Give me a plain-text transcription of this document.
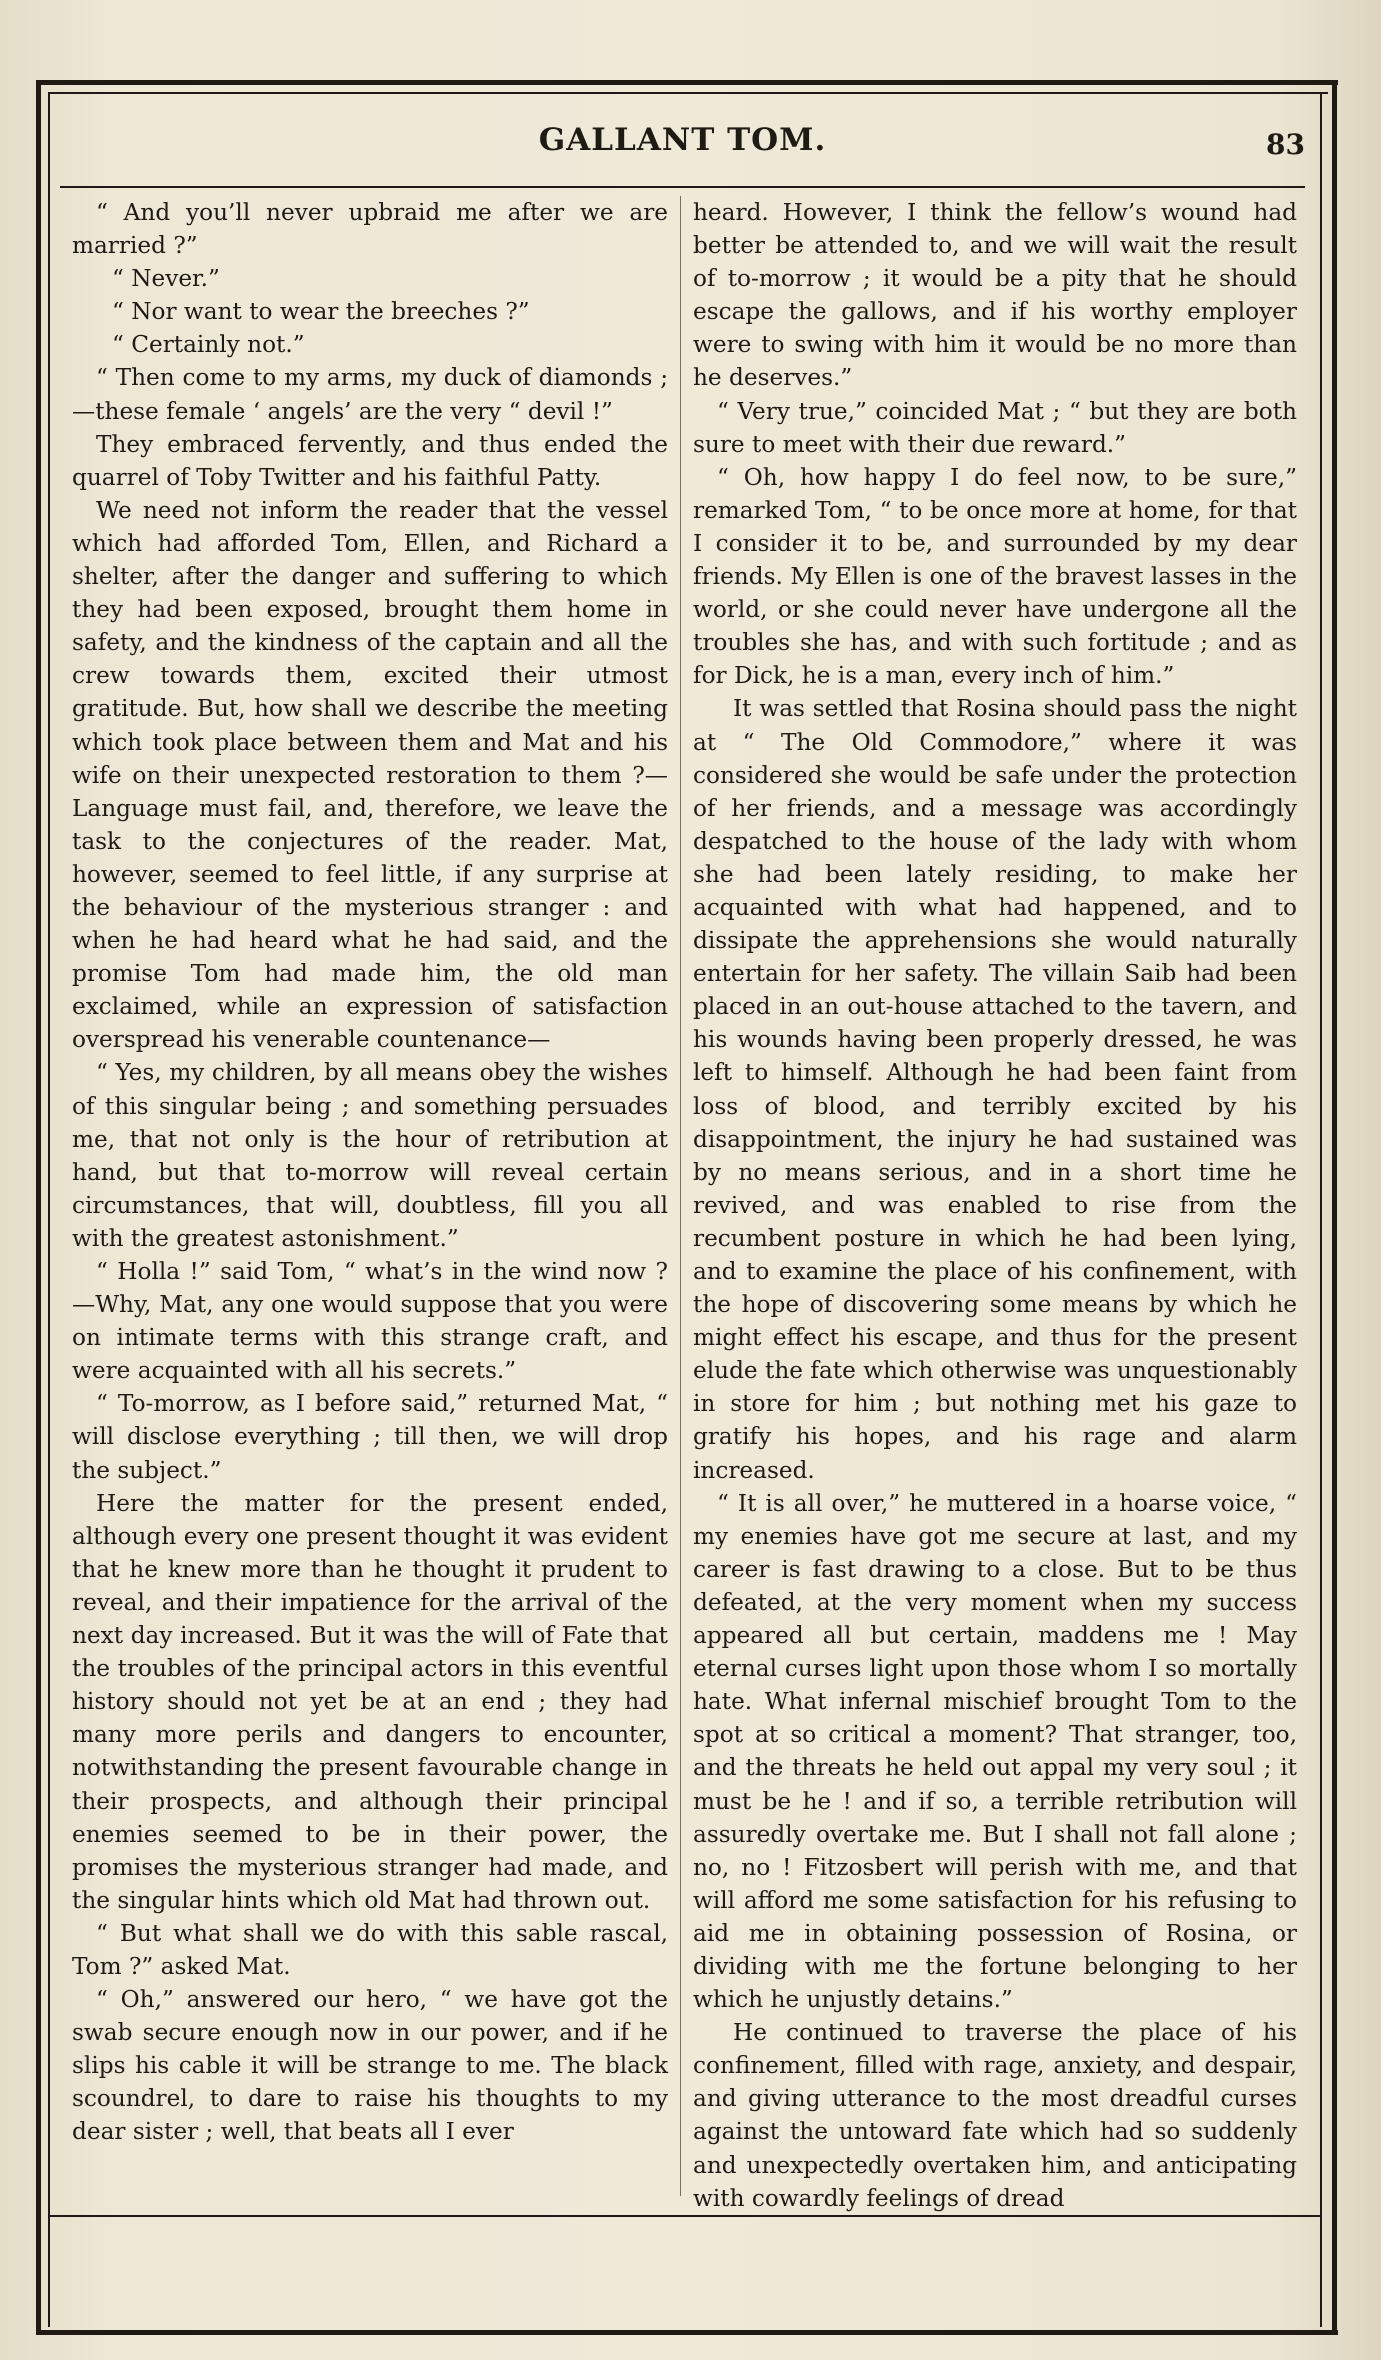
GALLANT TOM.	83

“ And you’ll never upbraid me after we are married ?”

“ Never.”

“ Nor want to wear the breeches ?”

“ Certainly not.”

“ Then come to my arms, my duck of diamonds ;—these female ‘ angels’ are the very “ devil !”

They embraced fervently, and thus ended the quarrel of Toby Twitter and his faithful Patty.

We need not inform the reader that the vessel which had afforded Tom, Ellen, and Richard a shelter, after the danger and suffering to which they had been exposed, brought them home in safety, and the kindness of the captain and all the crew towards them, excited their utmost gratitude. But, how shall we describe the meeting which took place between them and Mat and his wife on their unexpected restoration to them ?—Language must fail, and, therefore, we leave the task to the conjectures of the reader. Mat, however, seemed to feel little, if any surprise at the behaviour of the mysterious stranger : and when he had heard what he had said, and the promise Tom had made him, the old man exclaimed, while an expression of satisfaction overspread his venerable countenance—

“ Yes, my children, by all means obey the wishes of this singular being ; and something persuades me, that not only is the hour of retribution at hand, but that to-morrow will reveal certain circumstances, that will, doubtless, fill you all with the greatest astonishment.”

“ Holla !” said Tom, “ what’s in the wind now ?—Why, Mat, any one would suppose that you were on intimate terms with this strange craft, and were acquainted with all his secrets.”

“ To-morrow, as I before said,” returned Mat, “ will disclose everything ; till then, we will drop the subject.”

Here the matter for the present ended, although every one present thought it was evident that he knew more than he thought it prudent to reveal, and their impatience for the arrival of the next day increased. But it was the will of Fate that the troubles of the principal actors in this eventful history should not yet be at an end ; they had many more perils and dangers to encounter, notwithstanding the present favourable change in their prospects, and although their principal enemies seemed to be in their power, the promises the mysterious stranger had made, and the singular hints which old Mat had thrown out.

“ But what shall we do with this sable rascal, Tom ?” asked Mat.

“ Oh,” answered our hero, “ we have got the swab secure enough now in our power, and if he slips his cable it will be strange to me. The black scoundrel, to dare to raise his thoughts to my dear sister ; well, that beats all I ever

heard. However, I think the fellow’s wound had better be attended to, and we will wait the result of to-morrow ; it would be a pity that he should escape the gallows, and if his worthy employer were to swing with him it would be no more than he deserves.”

“ Very true,” coincided Mat ; “ but they are both sure to meet with their due reward.”

“ Oh, how happy I do feel now, to be sure,” remarked Tom, “ to be once more at home, for that I consider it to be, and surrounded by my dear friends. My Ellen is one of the bravest lasses in the world, or she could never have undergone all the troubles she has, and with such fortitude ; and as for Dick, he is a man, every inch of him.”

It was settled that Rosina should pass the night at “ The Old Commodore,” where it was considered she would be safe under the protection of her friends, and a message was accordingly despatched to the house of the lady with whom she had been lately residing, to make her acquainted with what had happened, and to dissipate the apprehensions she would naturally entertain for her safety. The villain Saib had been placed in an out-house attached to the tavern, and his wounds having been properly dressed, he was left to himself. Although he had been faint from loss of blood, and terribly excited by his disappointment, the injury he had sustained was by no means serious, and in a short time he revived, and was enabled to rise from the recumbent posture in which he had been lying, and to examine the place of his confinement, with the hope of discovering some means by which he might effect his escape, and thus for the present elude the fate which otherwise was unquestionably in store for him ; but nothing met his gaze to gratify his hopes, and his rage and alarm increased.

“ It is all over,” he muttered in a hoarse voice, “ my enemies have got me secure at last, and my career is fast drawing to a close. But to be thus defeated, at the very moment when my success appeared all but certain, maddens me ! May eternal curses light upon those whom I so mortally hate. What infernal mischief brought Tom to the spot at so critical a moment? That stranger, too, and the threats he held out appal my very soul ; it must be he ! and if so, a terrible retribution will assuredly overtake me. But I shall not fall alone ; no, no ! Fitzosbert will perish with me, and that will afford me some satisfaction for his refusing to aid me in obtaining possession of Rosina, or dividing with me the fortune belonging to her which he unjustly detains.”

He continued to traverse the place of his confinement, filled with rage, anxiety, and despair, and giving utterance to the most dreadful curses against the untoward fate which had so suddenly and unexpectedly overtaken him, and anticipating with cowardly feelings of dread
